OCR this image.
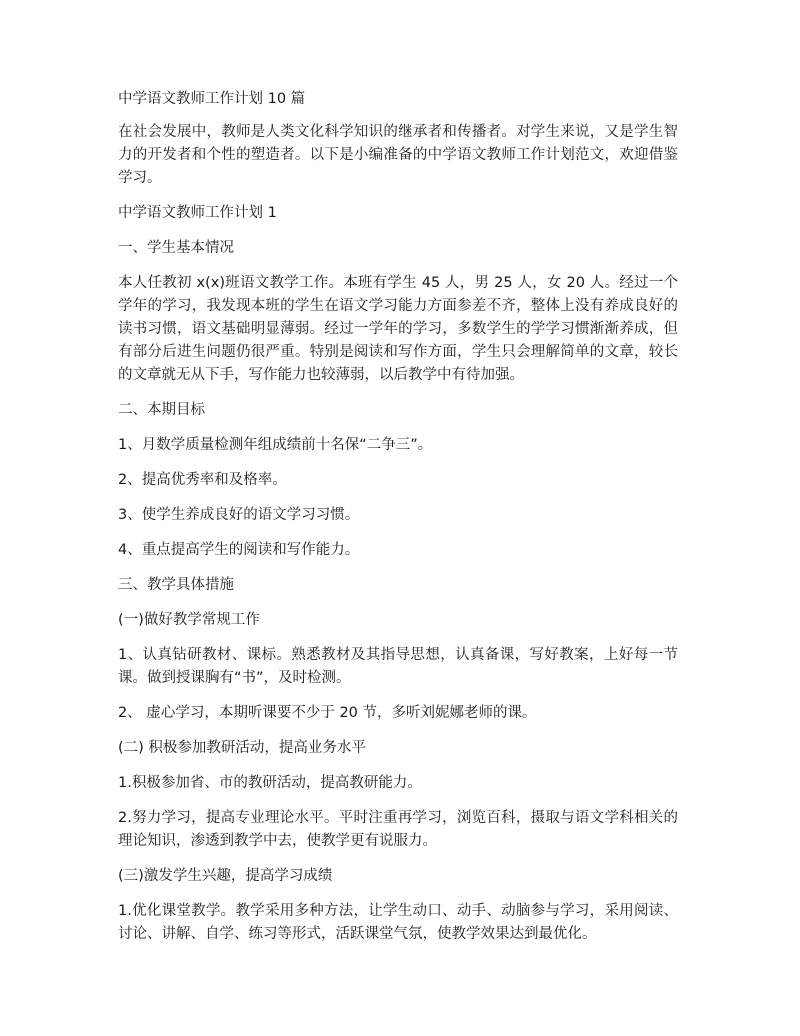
中学语文教师工作计划 10 篇

在社会发展中，教师是人类文化科学知识的继承者和传播者。对学生来说，又是学生智力的开发者和个性的塑造者。以下是小编准备的中学语文教师工作计划范文，欢迎借鉴学习。

中学语文教师工作计划 1

一、学生基本情况

本人任教初 x(x)班语文教学工作。本班有学生 45 人，男 25 人，女 20 人。经过一个学年的学习，我发现本班的学生在语文学习能力方面参差不齐，整体上没有养成良好的读书习惯，语文基础明显薄弱。经过一学年的学习，多数学生的学学习惯渐渐养成，但有部分后进生问题仍很严重。特别是阅读和写作方面，学生只会理解简单的文章，较长的文章就无从下手，写作能力也较薄弱，以后教学中有待加强。

二、本期目标

1、月数学质量检测年组成绩前十名保“二争三”。

2、提高优秀率和及格率。

3、使学生养成良好的语文学习习惯。

4、重点提高学生的阅读和写作能力。

三、教学具体措施

(一)做好教学常规工作

1、认真钻研教材、课标。熟悉教材及其指导思想，认真备课，写好教案，上好每一节课。做到授课胸有“书”，及时检测。

2、 虚心学习，本期听课要不少于 20 节，多听刘妮娜老师的课。

(二) 积极参加教研活动，提高业务水平

1.积极参加省、市的教研活动，提高教研能力。

2.努力学习，提高专业理论水平。平时注重再学习，浏览百科，摄取与语文学科相关的理论知识，渗透到教学中去，使教学更有说服力。

(三)激发学生兴趣，提高学习成绩

1.优化课堂教学。教学采用多种方法，让学生动口、动手、动脑参与学习，采用阅读、讨论、讲解、自学、练习等形式，活跃课堂气氛，使教学效果达到最优化。
